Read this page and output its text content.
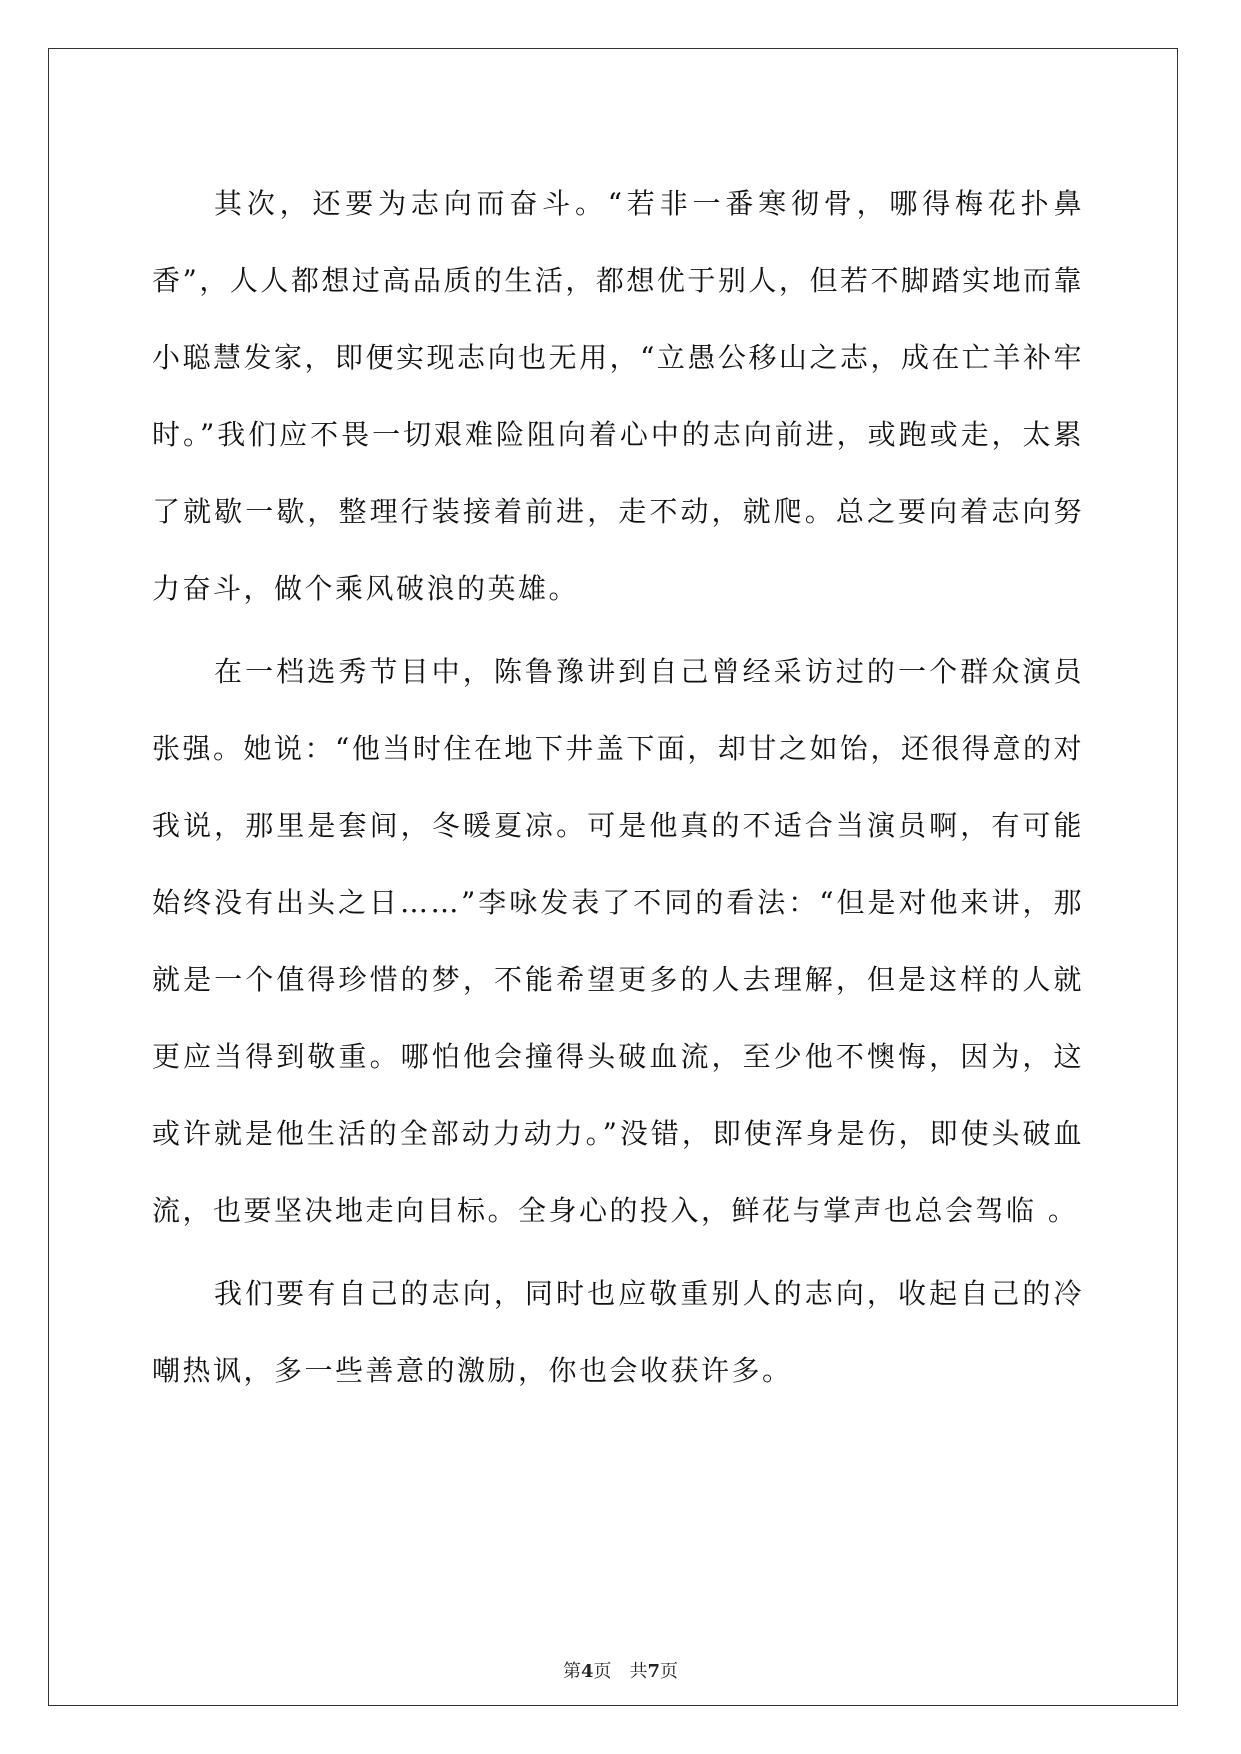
其次，还要为志向而奋斗。“若非一番寒彻骨，哪得梅花扑鼻香”，人人都想过高品质的生活，都想优于别人，但若不脚踏实地而靠小聪慧发家，即便实现志向也无用，“立愚公移山之志，成在亡羊补牢时。”我们应不畏一切艰难险阻向着心中的志向前进，或跑或走，太累了就歇一歇，整理行装接着前进，走不动，就爬。总之要向着志向努力奋斗，做个乘风破浪的英雄。

在一档选秀节目中，陈鲁豫讲到自己曾经采访过的一个群众演员张强。她说：“他当时住在地下井盖下面，却甘之如饴，还很得意的对我说，那里是套间，冬暖夏凉。可是他真的不适合当演员啊，有可能始终没有出头之日……”李咏发表了不同的看法：“但是对他来讲，那就是一个值得珍惜的梦，不能希望更多的人去理解，但是这样的人就更应当得到敬重。哪怕他会撞得头破血流，至少他不懊悔，因为，这或许就是他生活的全部动力动力。”没错，即使浑身是伤，即使头破血流，也要坚决地走向目标。全身心的投入，鲜花与掌声也总会驾临 。

我们要有自己的志向，同时也应敬重别人的志向，收起自己的冷嘲热讽，多一些善意的激励，你也会收获许多。

第4页 共7页
